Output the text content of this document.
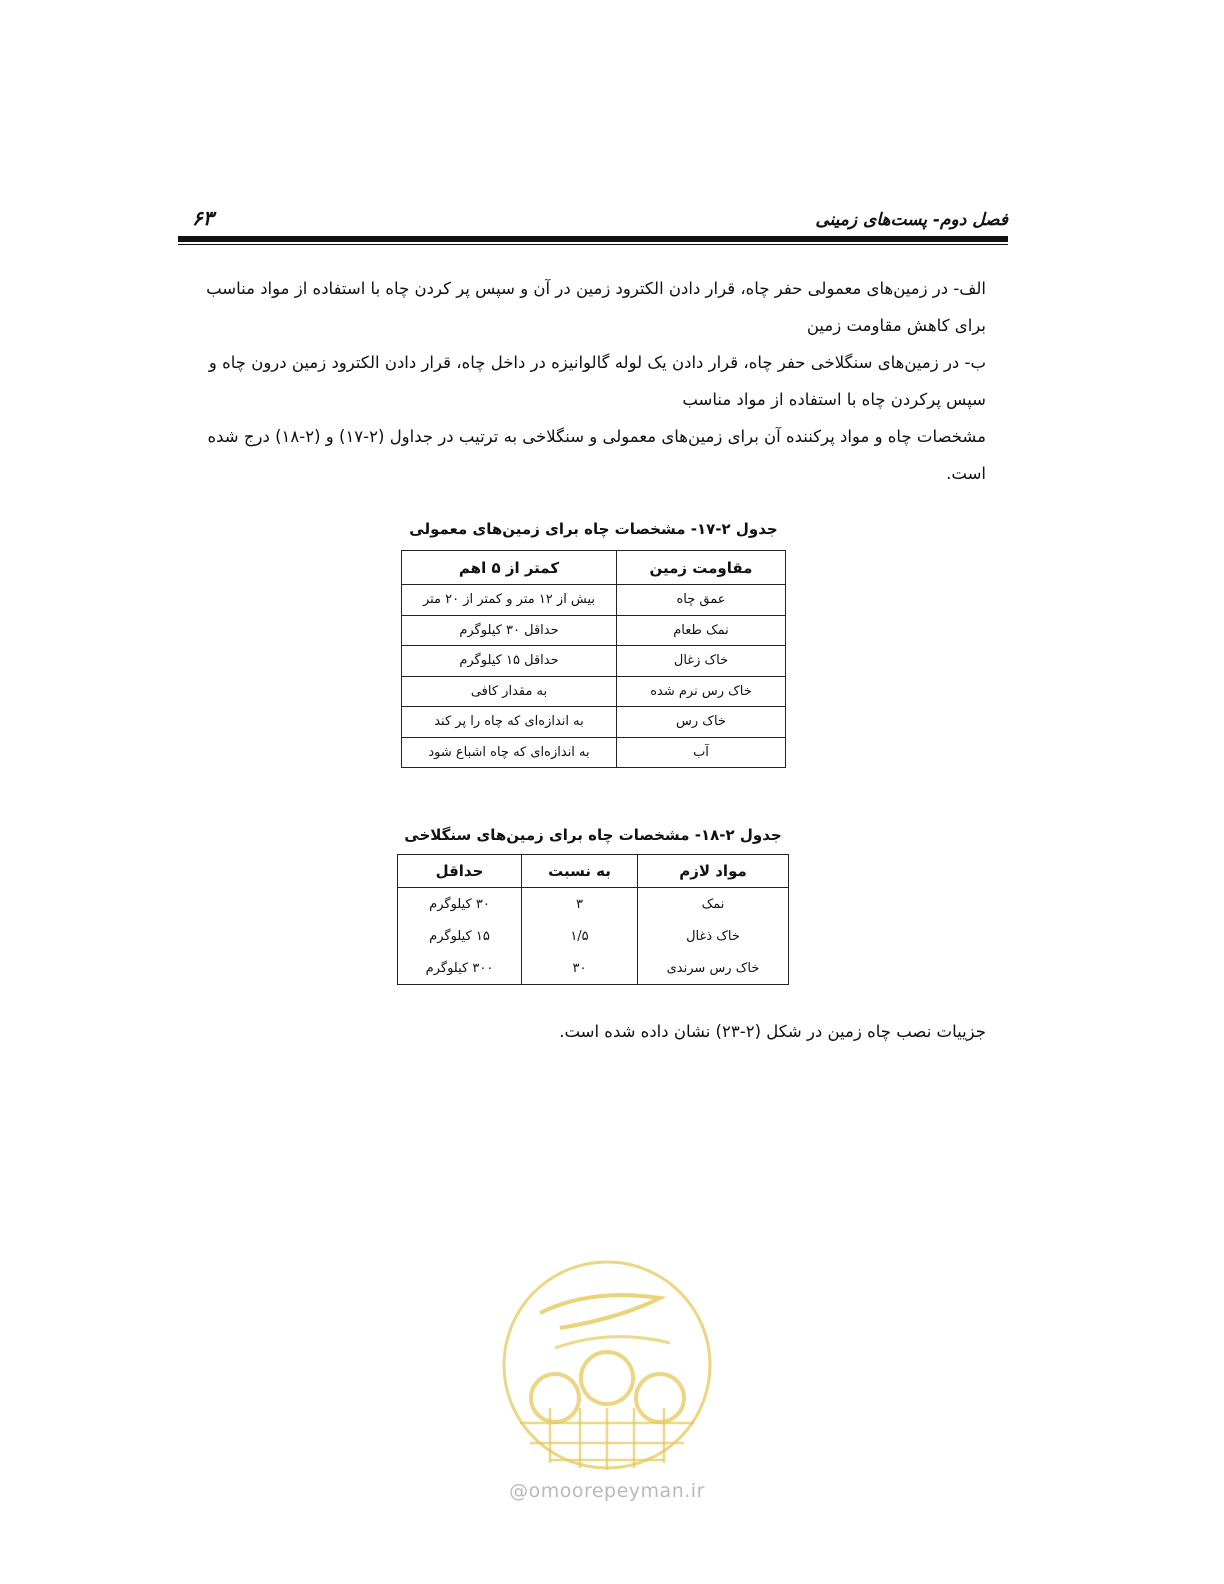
فصل دوم- پست‌های زمینی
۶۳

الف- در زمین‌های معمولی حفر چاه، قرار دادن الکترود زمین در آن و سپس پر کردن چاه با استفاده از مواد مناسب برای کاهش مقاومت زمین

ب- در زمین‌های سنگلاخی حفر چاه، قرار دادن یک لوله گالوانیزه در داخل چاه، قرار دادن الکترود زمین درون چاه و سپس پرکردن چاه با استفاده از مواد مناسب

مشخصات چاه و مواد پرکننده آن برای زمین‌های معمولی و سنگلاخی به ترتیب در جداول (۲-۱۷) و (۲-۱۸) درج شده است.

جدول ۲-۱۷- مشخصات چاه برای زمین‌های معمولی
مقاومت زمین	کمتر از ۵ اهم
عمق چاه	بیش از ۱۲ متر و کمتر از ۲۰ متر
نمک طعام	حداقل ۳۰ کیلوگرم
خاک زغال	حداقل ۱۵ کیلوگرم
خاک رس نرم شده	به مقدار کافی
خاک رس	به اندازه‌ای که چاه را پر کند
آب	به اندازه‌ای که چاه اشباع شود
جدول ۲-۱۸- مشخصات چاه برای زمین‌های سنگلاخی
مواد لازم	به نسبت	حداقل
نمک	۳	۳۰ کیلوگرم
خاک ذغال	۱/۵	۱۵ کیلوگرم
خاک رس سرندی	۳۰	۳۰۰ کیلوگرم
جزییات نصب چاه زمین در شکل (۲-۲۳) نشان داده شده است.
@omoorepeyman.ir
